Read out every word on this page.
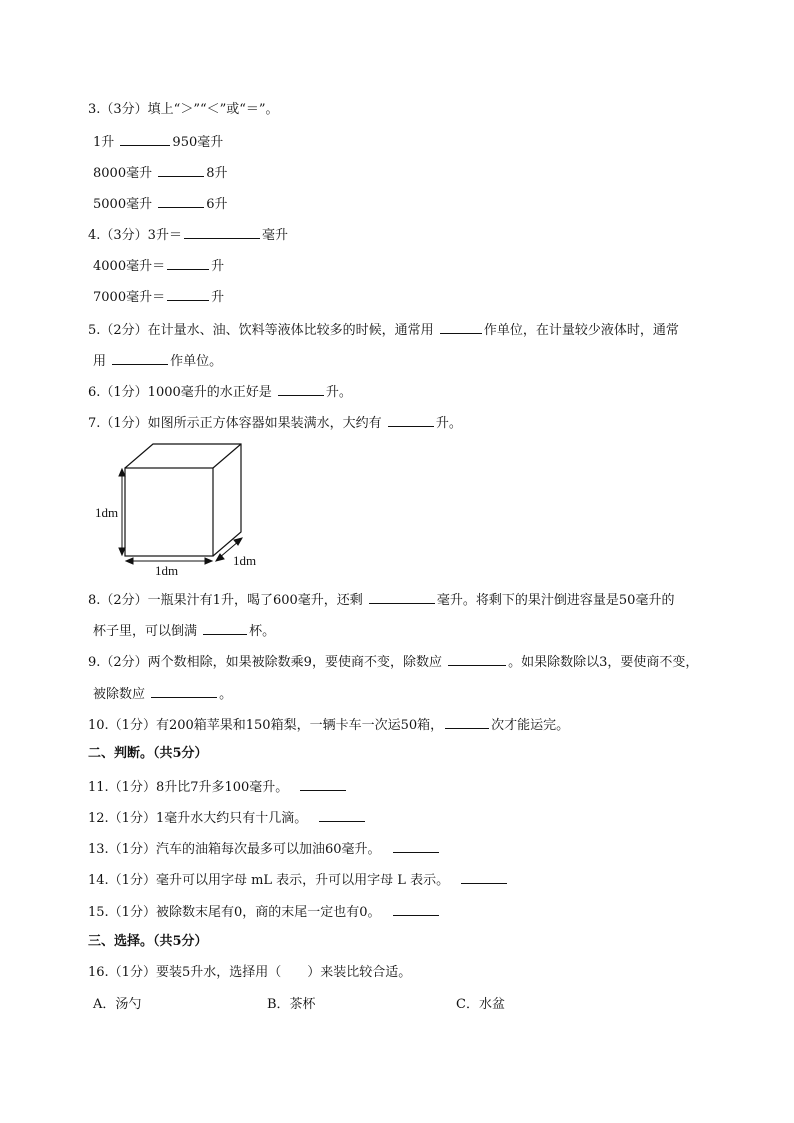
3.（3分）填上“＞”“＜”或“＝”。
1升	950毫升
8000毫升	8升
5000毫升	6升
4.（3分）3升＝	毫升
4000毫升＝	升
7000毫升＝	升
5.（2分）在计量水、油、饮料等液体比较多的时候，通常用	作单位，在计量较少液体时，通常
用	作单位。
6.（1分）1000毫升的水正好是	升。
7.（1分）如图所示正方体容器如果装满水，大约有	升。
1dm
1dm
1dm
8.（2分）一瓶果汁有1升，喝了600毫升，还剩	毫升。将剩下的果汁倒进容量是50毫升的
杯子里，可以倒满	杯。
9.（2分）两个数相除，如果被除数乘9，要使商不变，除数应	。如果除数除以3，要使商不变，
被除数应	。
10.（1分）有200箱苹果和150箱梨，一辆卡车一次运50箱，	次才能运完。
二、判断。（共5分）
11.（1分）8升比7升多100毫升。
12.（1分）1毫升水大约只有十几滴。
13.（1分）汽车的油箱每次最多可以加油60毫升。
14.（1分）毫升可以用字母 mL 表示，升可以用字母 L 表示。
15.（1分）被除数末尾有0，商的末尾一定也有0。
三、选择。（共5分）
16.（1分）要装5升水，选择用（　　）来装比较合适。
A．汤勺	B．茶杯	C．水盆
